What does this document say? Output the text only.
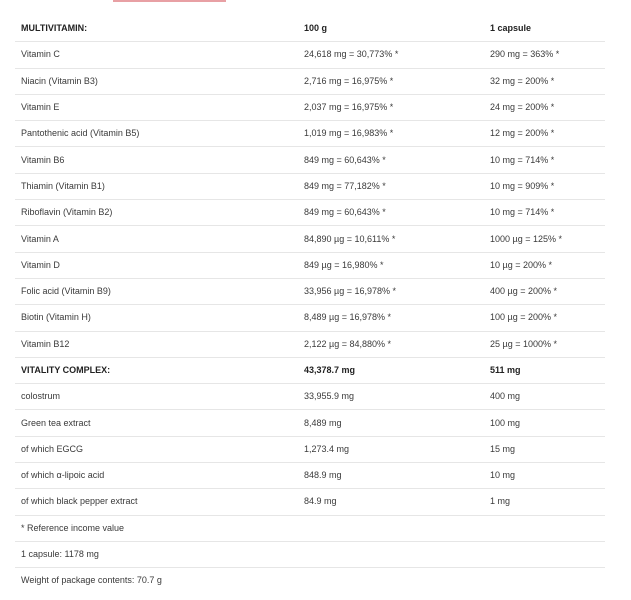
MULTIVITAMIN:	100 g	1 capsule
Vitamin C	24,618 mg = 30,773% *	290 mg = 363% *
Niacin (Vitamin B3)	2,716 mg = 16,975% *	32 mg = 200% *
Vitamin E	2,037 mg = 16,975% *	24 mg = 200% *
Pantothenic acid (Vitamin B5)	1,019 mg = 16,983% *	12 mg = 200% *
Vitamin B6	849 mg = 60,643% *	10 mg = 714% *
Thiamin (Vitamin B1)	849 mg = 77,182% *	10 mg = 909% *
Riboflavin (Vitamin B2)	849 mg = 60,643% *	10 mg = 714% *
Vitamin A	84,890 µg = 10,611% *	1000 µg = 125% *
Vitamin D	849 µg = 16,980% *	10 µg = 200% *
Folic acid (Vitamin B9)	33,956 µg = 16,978% *	400 µg = 200% *
Biotin (Vitamin H)	8,489 µg = 16,978% *	100 µg = 200% *
Vitamin B12	2,122 µg = 84,880% *	25 µg = 1000% *
VITALITY COMPLEX:	43,378.7 mg	511 mg
colostrum	33,955.9 mg	400 mg
Green tea extract	8,489 mg	100 mg
of which EGCG	1,273.4 mg	15 mg
of which α-lipoic acid	848.9 mg	10 mg
of which black pepper extract	84.9 mg	1 mg
* Reference income value		
1 capsule: 1178 mg		
Weight of package contents: 70.7 g		
